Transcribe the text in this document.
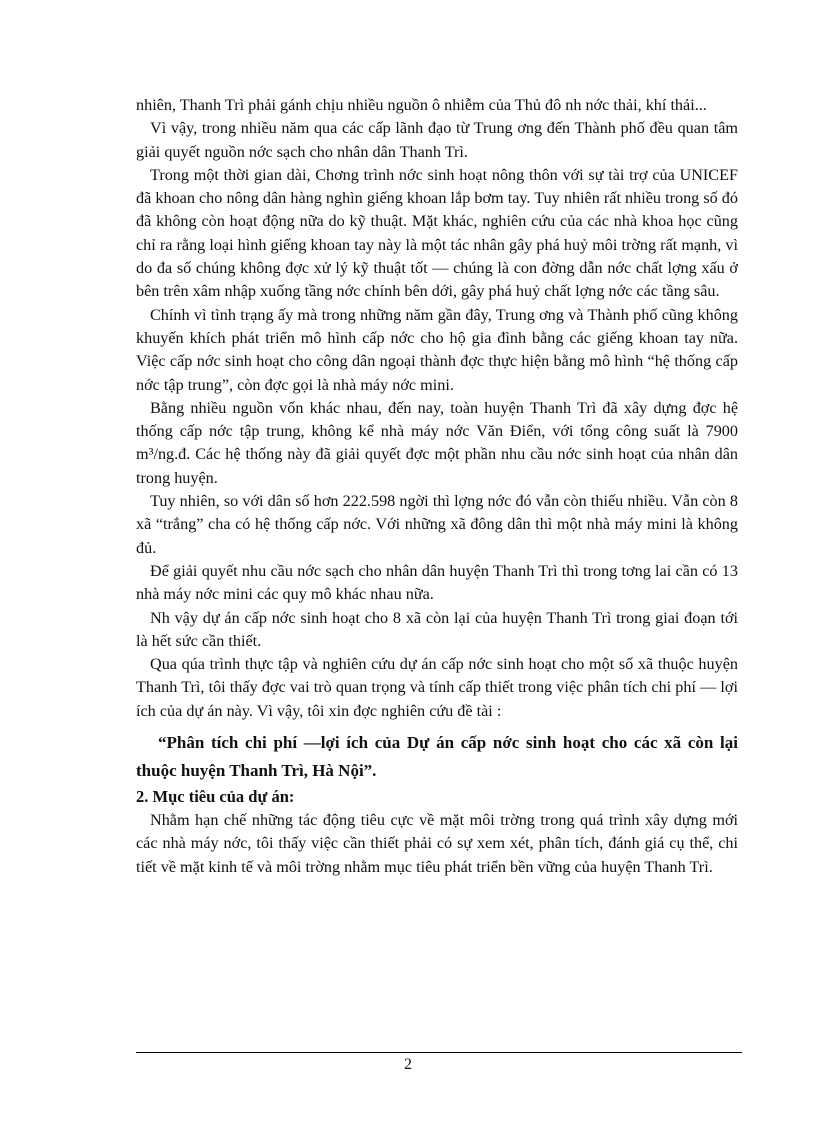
nhiên, Thanh Trì phải gánh chịu nhiều nguồn ô nhiễm của Thủ đô nh nớc thải, khí thải...

Vì vậy, trong nhiều năm qua các cấp lãnh đạo từ Trung ơng đến Thành phố đều quan tâm giải quyết nguồn nớc sạch cho nhân dân Thanh Trì.

Trong một thời gian dài, Chơng trình nớc sinh hoạt nông thôn với sự tài trợ của UNICEF đã khoan cho nông dân hàng nghìn giếng khoan lắp bơm tay. Tuy nhiên rất nhiều trong số đó đã không còn hoạt động nữa do kỹ thuật. Mặt khác, nghiên cứu của các nhà khoa học cũng chỉ ra rằng loại hình giếng khoan tay này là một tác nhân gây phá huỷ môi trờng rất mạnh, vì do đa số chúng không đợc xử lý kỹ thuật tốt — chúng là con đờng dẫn nớc chất lợng xấu ở bên trên xâm nhập xuống tầng nớc chính bên dới, gây phá huỷ chất lợng nớc các tầng sâu.

Chính vì tình trạng ấy mà trong những năm gần đây, Trung ơng và Thành phố cũng không khuyến khích phát triển mô hình cấp nớc cho hộ gia đình bằng các giếng khoan tay nữa. Việc cấp nớc sinh hoạt cho công dân ngoại thành đợc thực hiện bằng mô hình “hệ thống cấp nớc tập trung”, còn đợc gọi là nhà máy nớc mini.

Bằng nhiều nguồn vốn khác nhau, đến nay, toàn huyện Thanh Trì đã xây dựng đợc hệ thống cấp nớc tập trung, không kể nhà máy nớc Văn Điển, với tổng công suất là 7900 m³/ng.đ. Các hệ thống này đã giải quyết đợc một phần nhu cầu nớc sinh hoạt của nhân dân trong huyện.

Tuy nhiên, so với dân số hơn 222.598 ngời thì lợng nớc đó vẫn còn thiếu nhiều. Vẫn còn 8 xã “trắng” cha có hệ thống cấp nớc. Với những xã đông dân thì một nhà máy mini là không đủ.

Để giải quyết nhu cầu nớc sạch cho nhân dân huyện Thanh Trì thì trong tơng lai cần có 13 nhà máy nớc mini các quy mô khác nhau nữa.

Nh vậy dự án cấp nớc sinh hoạt cho 8 xã còn lại của huyện Thanh Trì trong giai đoạn tới là hết sức cần thiết.

Qua qúa trình thực tập và nghiên cứu dự án cấp nớc sinh hoạt cho một số xã thuộc huyện Thanh Trì, tôi thấy đợc vai trò quan trọng và tính cấp thiết trong việc phân tích chi phí — lợi ích của dự án này. Vì vậy, tôi xin đợc nghiên cứu đề tài :

“Phân tích chi phí —lợi ích của Dự án cấp nớc sinh hoạt cho các xã còn lại thuộc huyện Thanh Trì, Hà Nội”.

2. Mục tiêu của dự án:

Nhằm hạn chế những tác động tiêu cực về mặt môi trờng trong quá trình xây dựng mới các nhà máy nớc, tôi thấy việc cần thiết phải có sự xem xét, phân tích, đánh giá cụ thể, chi tiết về mặt kinh tế và môi trờng nhằm mục tiêu phát triển bền vững của huyện Thanh Trì.

2
